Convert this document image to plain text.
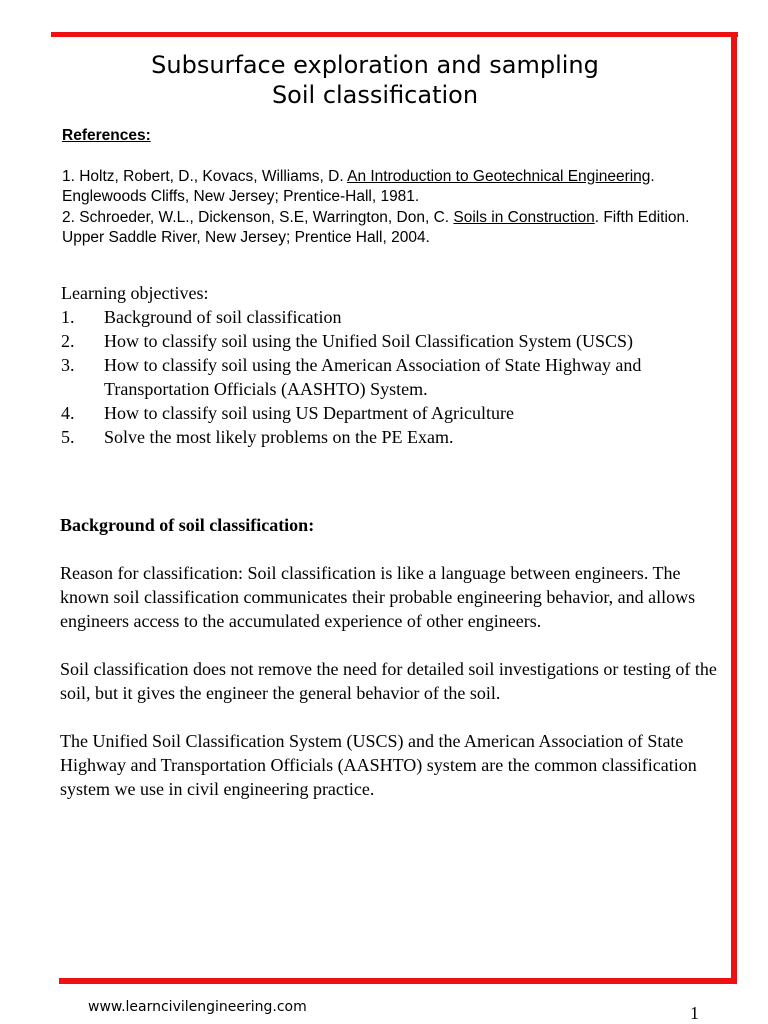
Subsurface exploration and sampling
Soil classification
References:
1. Holtz, Robert, D., Kovacs, Williams, D. An Introduction to Geotechnical Engineering. Englewoods Cliffs, New Jersey; Prentice-Hall, 1981.
2. Schroeder, W.L., Dickenson, S.E, Warrington, Don, C. Soils in Construction. Fifth Edition. Upper Saddle River, New Jersey; Prentice Hall, 2004.
Learning objectives:
1. Background of soil classification
2. How to classify soil using the Unified Soil Classification System (USCS)
3. How to classify soil using the American Association of State Highway and Transportation Officials (AASHTO) System.
4. How to classify soil using US Department of Agriculture
5. Solve the most likely problems on the PE Exam.
Background of soil classification:

Reason for classification: Soil classification is like a language between engineers. The known soil classification communicates their probable engineering behavior, and allows engineers access to the accumulated experience of other engineers.

Soil classification does not remove the need for detailed soil investigations or testing of the soil, but it gives the engineer the general behavior of the soil.

The Unified Soil Classification System (USCS) and the American Association of State Highway and Transportation Officials (AASHTO) system are the common classification system we use in civil engineering practice.

www.learncivilengineering.com	1
